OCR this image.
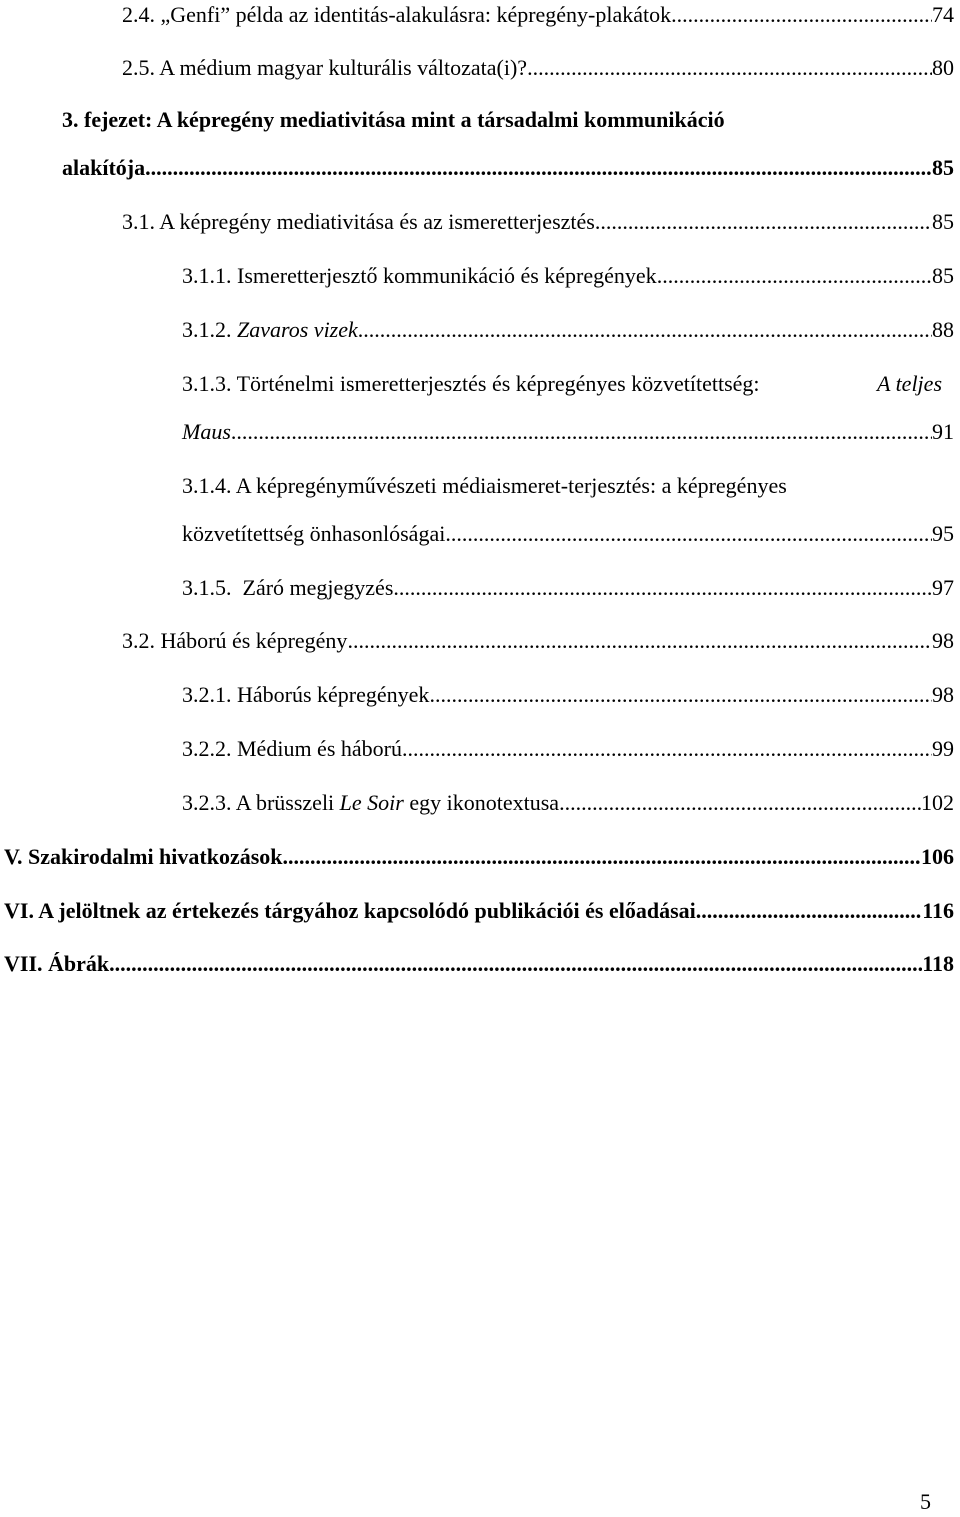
2.4. „Genfi” példa az identitás-alakulásra: képregény-plakátok .....	74
2.5. A médium magyar kulturális változata(i)? .....	80
3. fejezet: A képregény mediativitása mint a társadalmi kommunikáció
alakítója .....	85
3.1. A képregény mediativitása és az ismeretterjesztés .....	85
3.1.1. Ismeretterjesztő kommunikáció és képregények .....	85
3.1.2. Zavaros vizek .....	88
3.1.3. Történelmi ismeretterjesztés és képregényes közvetítettség:	A teljes
Maus .....	91
3.1.4. A képregényművészeti médiaismeret-terjesztés: a képregényes
közvetítettség önhasonlóságai .....	95
3.1.5.  Záró megjegyzés .....	97
3.2. Háború és képregény .....	98
3.2.1. Háborús képregények .....	98
3.2.2. Médium és háború .....	99
3.2.3. A brüsszeli Le Soir egy ikonotextusa .....	102
V. Szakirodalmi hivatkozások .....	106
VI. A jelöltnek az értekezés tárgyához kapcsolódó publikációi és előadásai .....	116
VII. Ábrák .....	118
5
